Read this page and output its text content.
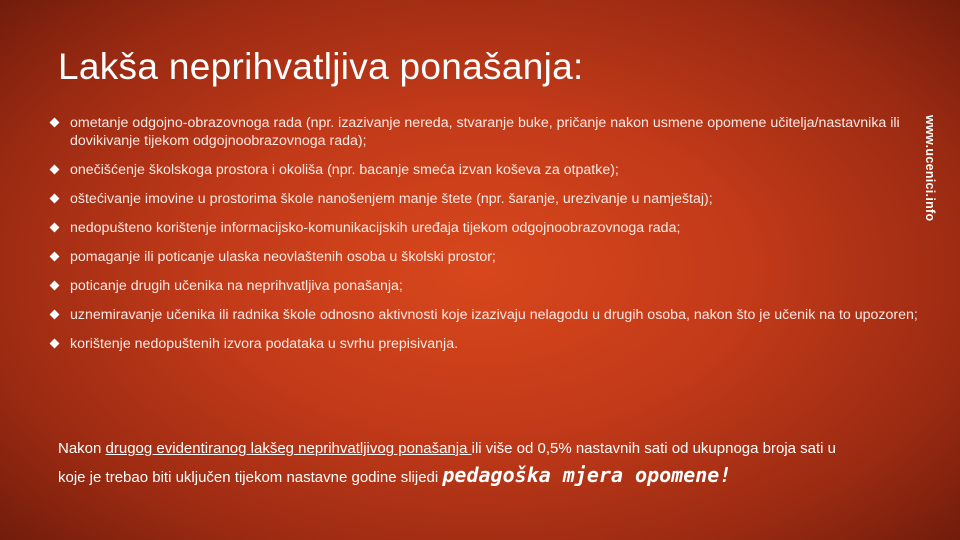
Lakša neprihvatljiva ponašanja:
www.ucenici.info
ometanje odgojno-obrazovnoga rada (npr. izazivanje nereda, stvaranje buke, pričanje nakon usmene opomene učitelja/nastavnika ili dovikivanje tijekom odgojnoobrazovnoga rada);
onečišćenje školskoga prostora i okoliša (npr. bacanje smeća izvan koševa za otpatke);
oštećivanje imovine u prostorima škole nanošenjem manje štete (npr. šaranje, urezivanje u namještaj);
nedopušteno korištenje informacijsko-komunikacijskih uređaja tijekom odgojnoobrazovnoga rada;
pomaganje ili poticanje ulaska neovlaštenih osoba u školski prostor;
poticanje drugih učenika na neprihvatljiva ponašanja;
uznemiravanje učenika ili radnika škole odnosno aktivnosti koje izazivaju nelagodu u drugih osoba, nakon što je učenik na to upozoren;
korištenje nedopuštenih izvora podataka u svrhu prepisivanja.

Nakon drugog evidentiranog lakšeg neprihvatljivog ponašanja ili više od 0,5% nastavnih sati od ukupnoga broja sati u koje je trebao biti uključen tijekom nastavne godine slijedi pedagoška mjera opomene!
